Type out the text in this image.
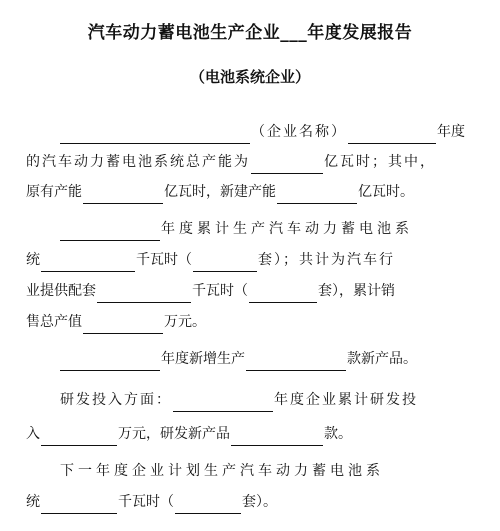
汽车动力蓄电池生产企业___年度发展报告
（电池系统企业）
（企业名称）	年度
的汽车动力蓄电池系统总产能为	亿瓦时；其中，
原有产能	亿瓦时，新建产能	亿瓦时。
年度累计生产汽车动力蓄电池系
统	千瓦时（	套）；共计为汽车行
业提供配套	千瓦时（	套），累计销
售总产值	万元。
年度新增生产	款新产品。
研发投入方面：	年度企业累计研发投
入	万元，研发新产品	款。
下一年度企业计划生产汽车动力蓄电池系
统	千瓦时（	套）。
